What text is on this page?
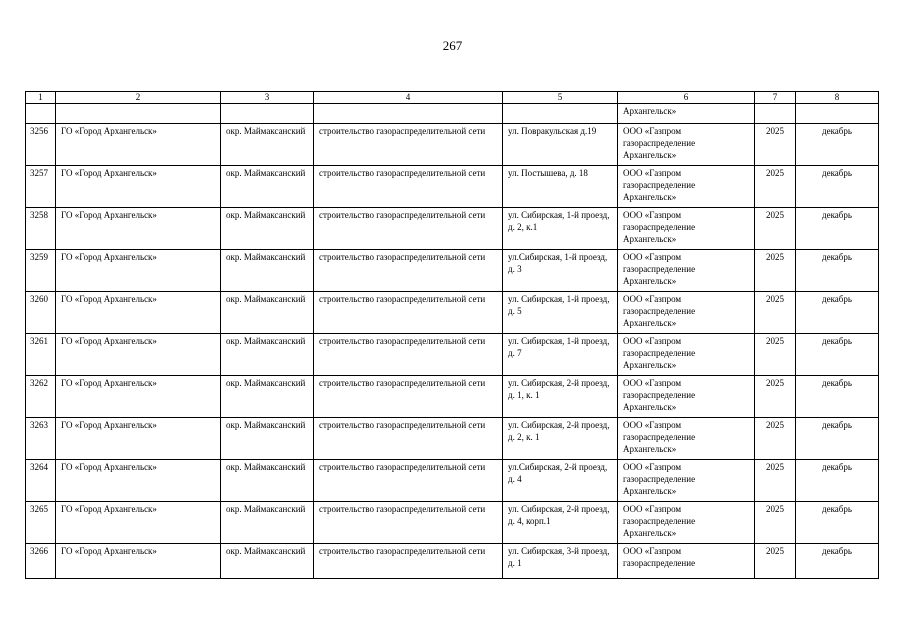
267
1	2	3	4	5	6	7	8
					Архангельск»		
3256	ГО «Город Архангельск»	окр. Маймаксанский	строительство газораспределительной сети	ул. Повракульская д.19	ООО «Газпром газораспределение Архангельск»	2025	декабрь
3257	ГО «Город Архангельск»	окр. Маймаксанский	строительство газораспределительной сети	ул. Постышева, д. 18	ООО «Газпром газораспределение Архангельск»	2025	декабрь
3258	ГО «Город Архангельск»	окр. Маймаксанский	строительство газораспределительной сети	ул. Сибирская, 1-й проезд, д. 2, к.1	ООО «Газпром газораспределение Архангельск»	2025	декабрь
3259	ГО «Город Архангельск»	окр. Маймаксанский	строительство газораспределительной сети	ул.Сибирская, 1-й проезд, д. 3	ООО «Газпром газораспределение Архангельск»	2025	декабрь
3260	ГО «Город Архангельск»	окр. Маймаксанский	строительство газораспределительной сети	ул. Сибирская, 1-й проезд, д. 5	ООО «Газпром газораспределение Архангельск»	2025	декабрь
3261	ГО «Город Архангельск»	окр. Маймаксанский	строительство газораспределительной сети	ул. Сибирская, 1-й проезд, д. 7	ООО «Газпром газораспределение Архангельск»	2025	декабрь
3262	ГО «Город Архангельск»	окр. Маймаксанский	строительство газораспределительной сети	ул. Сибирская, 2-й проезд, д. 1, к. 1	ООО «Газпром газораспределение Архангельск»	2025	декабрь
3263	ГО «Город Архангельск»	окр. Маймаксанский	строительство газораспределительной сети	ул. Сибирская, 2-й проезд, д. 2, к. 1	ООО «Газпром газораспределение Архангельск»	2025	декабрь
3264	ГО «Город Архангельск»	окр. Маймаксанский	строительство газораспределительной сети	ул.Сибирская, 2-й проезд, д. 4	ООО «Газпром газораспределение Архангельск»	2025	декабрь
3265	ГО «Город Архангельск»	окр. Маймаксанский	строительство газораспределительной сети	ул. Сибирская, 2-й проезд, д. 4, корп.1	ООО «Газпром газораспределение Архангельск»	2025	декабрь
3266	ГО «Город Архангельск»	окр. Маймаксанский	строительство газораспределительной сети	ул. Сибирская, 3-й проезд, д. 1	ООО «Газпром газораспределение	2025	декабрь
